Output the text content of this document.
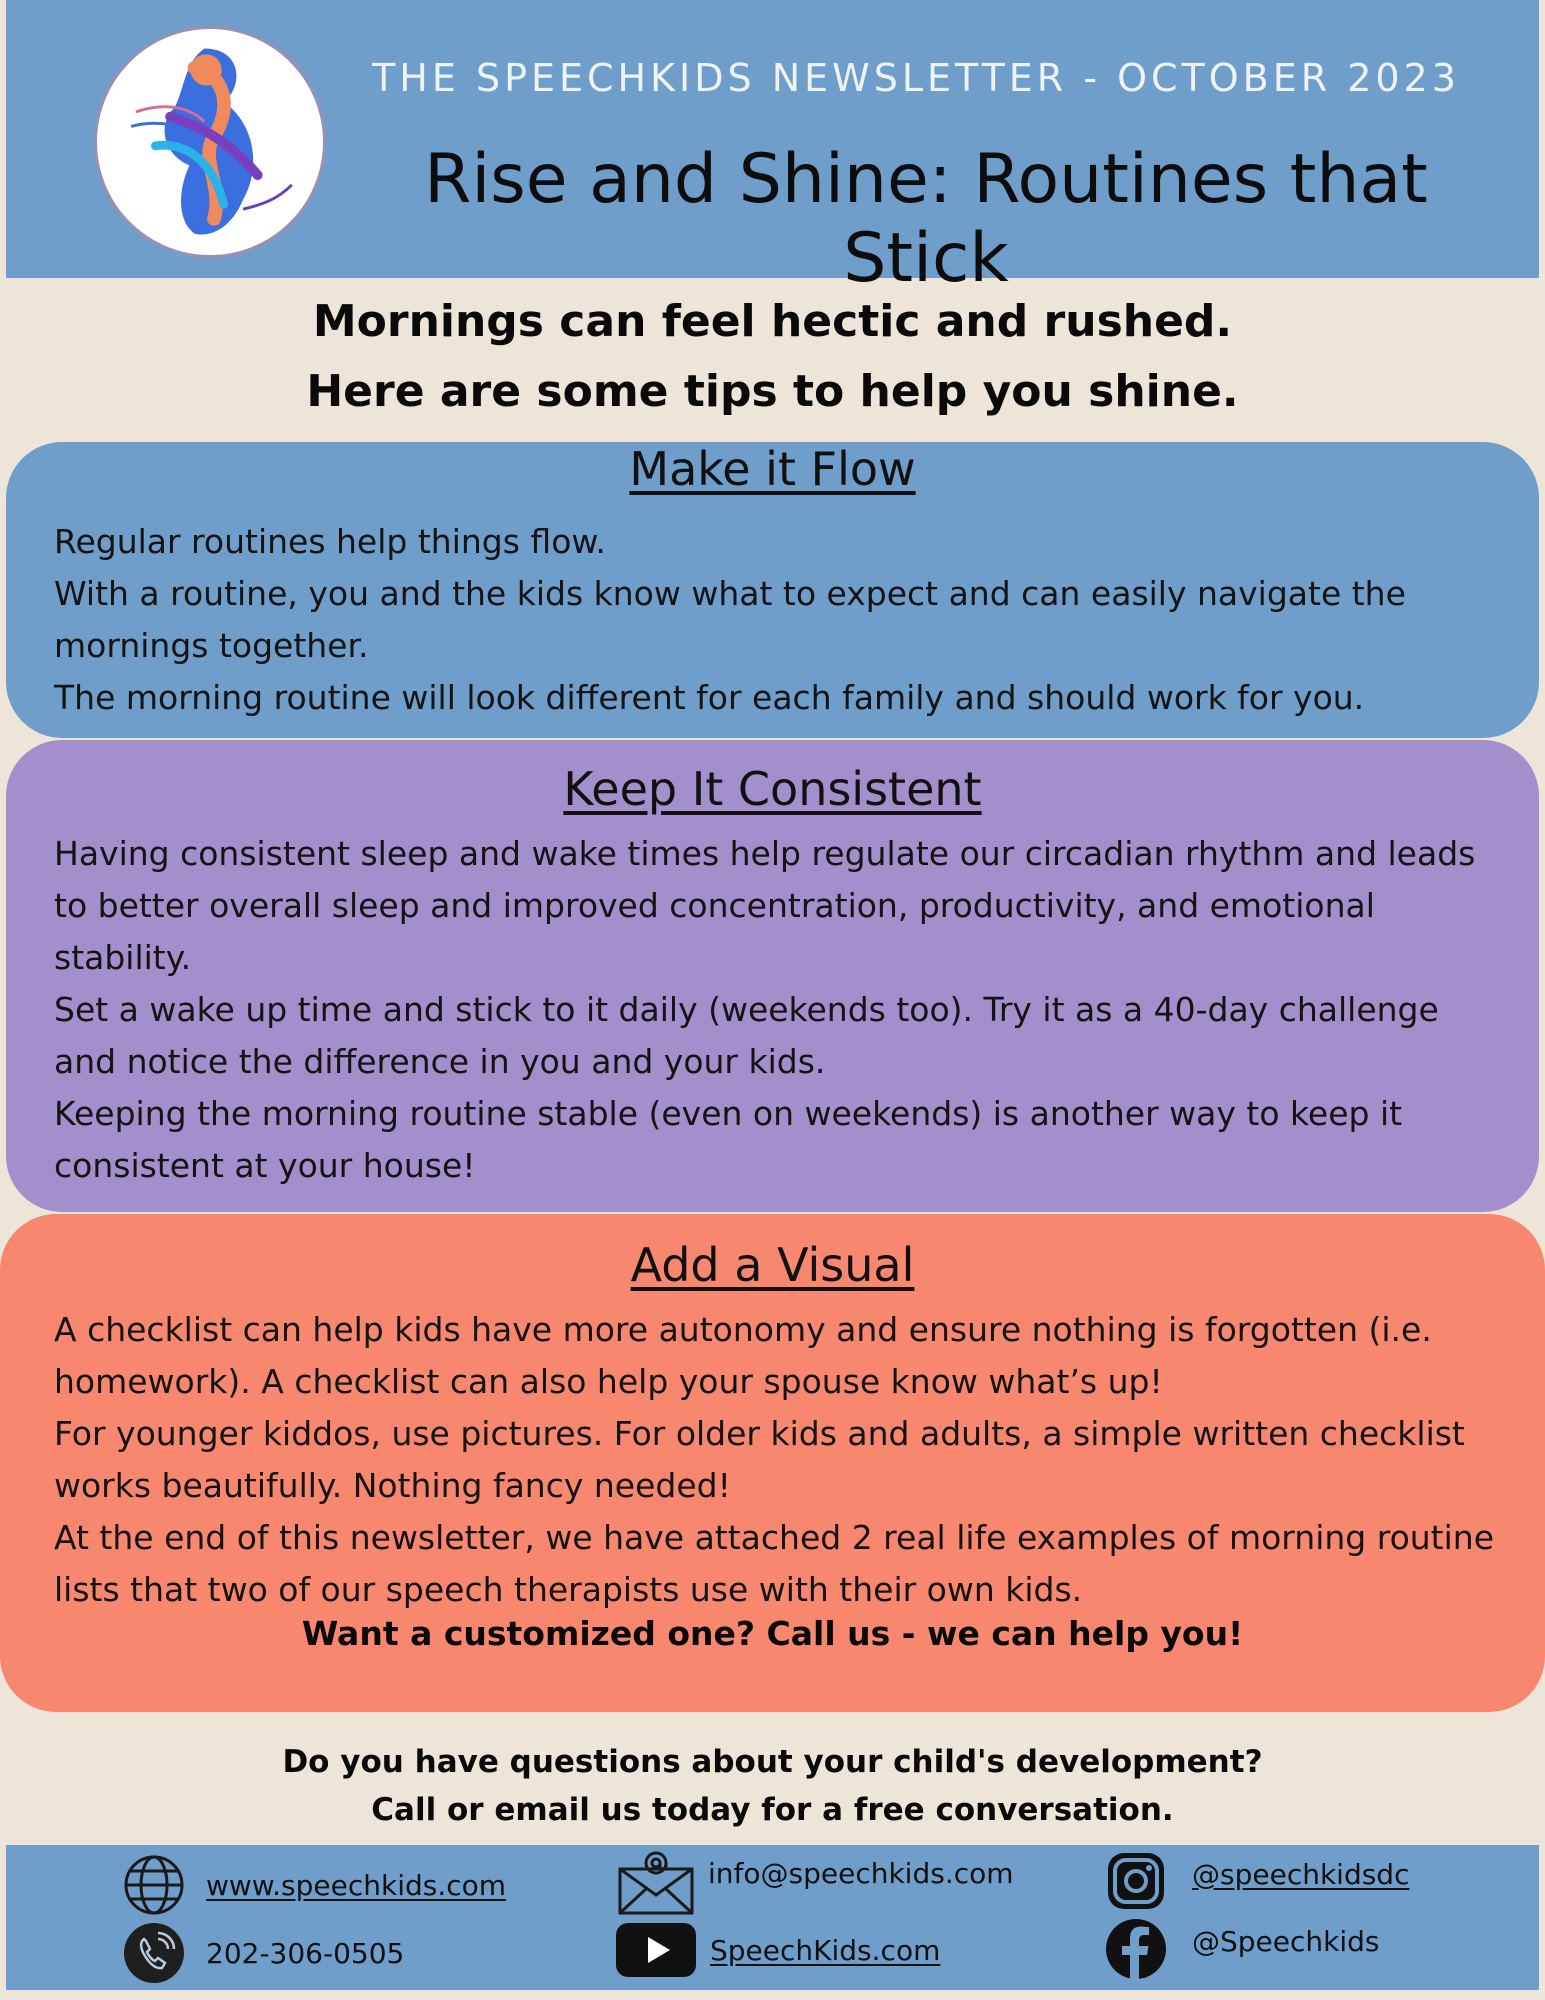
THE SPEECHKIDS NEWSLETTER - OCTOBER 2023
Rise and Shine: Routines that Stick
Mornings can feel hectic and rushed.
Here are some tips to help you shine.
Make it Flow

Regular routines help things flow.

With a routine, you and the kids know what to expect and can easily navigate the mornings together.

The morning routine will look different for each family and should work for you.

Keep It Consistent

Having consistent sleep and wake times help regulate our circadian rhythm and leads to better overall sleep and improved concentration, productivity, and emotional stability.

Set a wake up time and stick to it daily (weekends too). Try it as a 40-day challenge and notice the difference in you and your kids.

Keeping the morning routine stable (even on weekends) is another way to keep it consistent at your house!

Add a Visual

A checklist can help kids have more autonomy and ensure nothing is forgotten (i.e. homework). A checklist can also help your spouse know what’s up!

For younger kiddos, use pictures. For older kids and adults, a simple written checklist works beautifully. Nothing fancy needed!

At the end of this newsletter, we have attached 2 real life examples of morning routine lists that two of our speech therapists use with their own kids.

Want a customized one? Call us - we can help you!
Do you have questions about your child's development?
Call or email us today for a free conversation.
www.speechkids.com
202-306-0505
info@speechkids.com
SpeechKids.com
@speechkidsdc
@Speechkids
